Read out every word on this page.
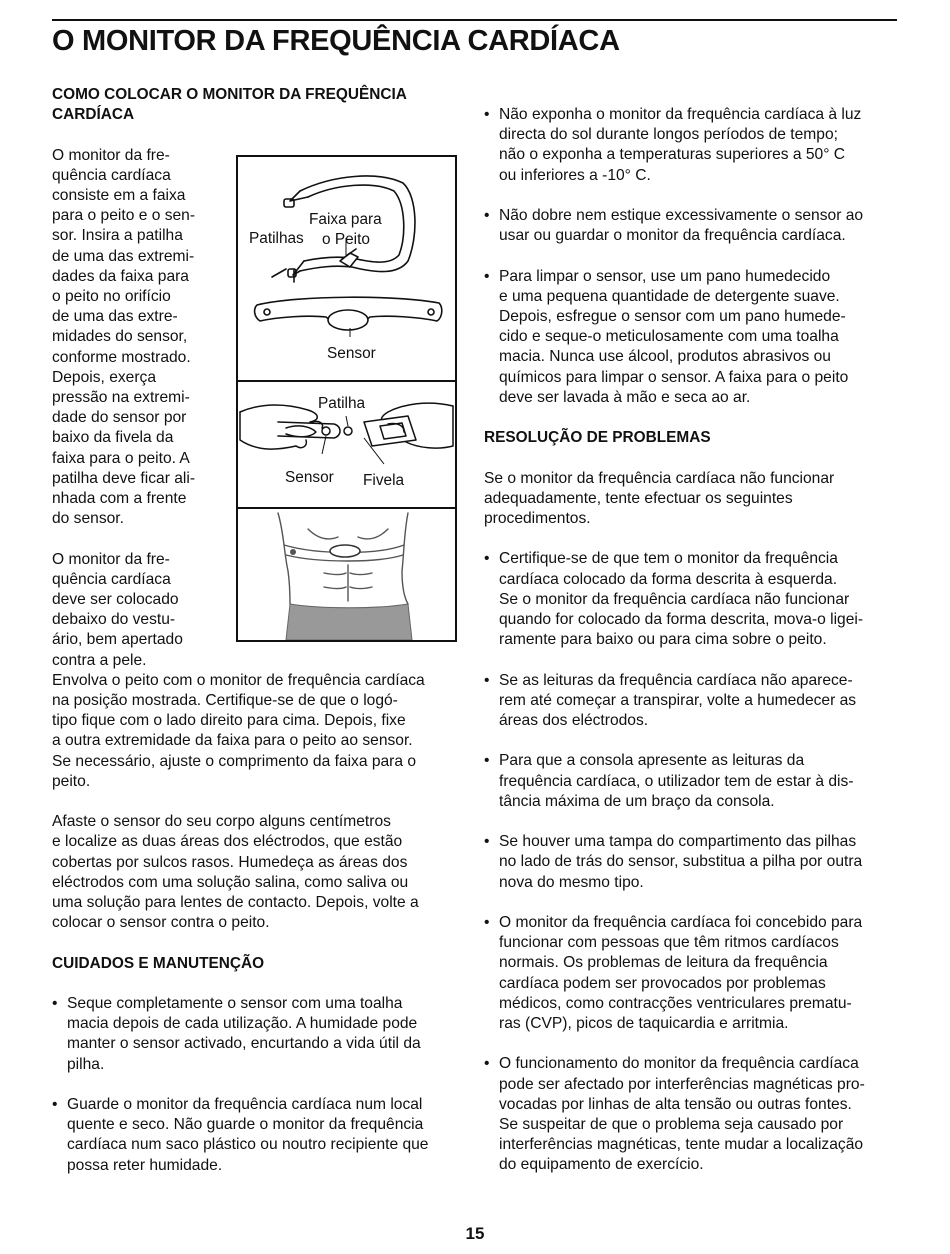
O MONITOR DA FREQUÊNCIA CARDÍACA
COMO COLOCAR O MONITOR DA FREQUÊNCIA
CARDÍACA

O monitor da fre-
quência cardíaca
consiste em a faixa
para o peito e o sen-
sor. Insira a patilha
de uma das extremi-
dades da faixa para
o peito no orifício
de uma das extre-
midades do sensor,
conforme mostrado.
Depois, exerça
pressão na extremi-
dade do sensor por
baixo da fivela da
faixa para o peito. A
patilha deve ficar ali-
nhada com a frente
do sensor.

O monitor da fre-
quência cardíaca
deve ser colocado
debaixo do vestu-
ário, bem apertado
contra a pele.
Envolva o peito com o monitor de frequência cardíaca
na posição mostrada. Certifique-se de que o logó-
tipo fique com o lado direito para cima. Depois, fixe
a outra extremidade da faixa para o peito ao sensor.
Se necessário, ajuste o comprimento da faixa para o
peito.

Afaste o sensor do seu corpo alguns centímetros
e localize as duas áreas dos eléctrodos, que estão
cobertas por sulcos rasos. Humedeça as áreas dos
eléctrodos com uma solução salina, como saliva ou
uma solução para lentes de contacto. Depois, volte a
colocar o sensor contra o peito.

CUIDADOS E MANUTENÇÃO
• Seque completamente o sensor com uma toalha
macia depois de cada utilização. A humidade pode
manter o sensor activado, encurtando a vida útil da
pilha.
• Guarde o monitor da frequência cardíaca num local
quente e seco. Não guarde o monitor da frequência
cardíaca num saco plástico ou noutro recipiente que
possa reter humidade.
Patilhas
Faixa para
o Peito
Sensor
Patilha
Sensor Fivela
• Não exponha o monitor da frequência cardíaca à luz
directa do sol durante longos períodos de tempo;
não o exponha a temperaturas superiores a 50° C
ou inferiores a -10° C.
• Não dobre nem estique excessivamente o sensor ao
usar ou guardar o monitor da frequência cardíaca.
• Para limpar o sensor, use um pano humedecido
e uma pequena quantidade de detergente suave.
Depois, esfregue o sensor com um pano humede-
cido e seque-o meticulosamente com uma toalha
macia. Nunca use álcool, produtos abrasivos ou
químicos para limpar o sensor. A faixa para o peito
deve ser lavada à mão e seca ao ar.
RESOLUÇÃO DE PROBLEMAS

Se o monitor da frequência cardíaca não funcionar
adequadamente, tente efectuar os seguintes
procedimentos.

• Certifique-se de que tem o monitor da frequência
cardíaca colocado da forma descrita à esquerda.
Se o monitor da frequência cardíaca não funcionar
quando for colocado da forma descrita, mova-o ligei-
ramente para baixo ou para cima sobre o peito.
• Se as leituras da frequência cardíaca não aparece-
rem até começar a transpirar, volte a humedecer as
áreas dos eléctrodos.
• Para que a consola apresente as leituras da
frequência cardíaca, o utilizador tem de estar à dis-
tância máxima de um braço da consola.
• Se houver uma tampa do compartimento das pilhas
no lado de trás do sensor, substitua a pilha por outra
nova do mesmo tipo.
• O monitor da frequência cardíaca foi concebido para
funcionar com pessoas que têm ritmos cardíacos
normais. Os problemas de leitura da frequência
cardíaca podem ser provocados por problemas
médicos, como contracções ventriculares prematu-
ras (CVP), picos de taquicardia e arritmia.
• O funcionamento do monitor da frequência cardíaca
pode ser afectado por interferências magnéticas pro-
vocadas por linhas de alta tensão ou outras fontes.
Se suspeitar de que o problema seja causado por
interferências magnéticas, tente mudar a localização
do equipamento de exercício.
15
